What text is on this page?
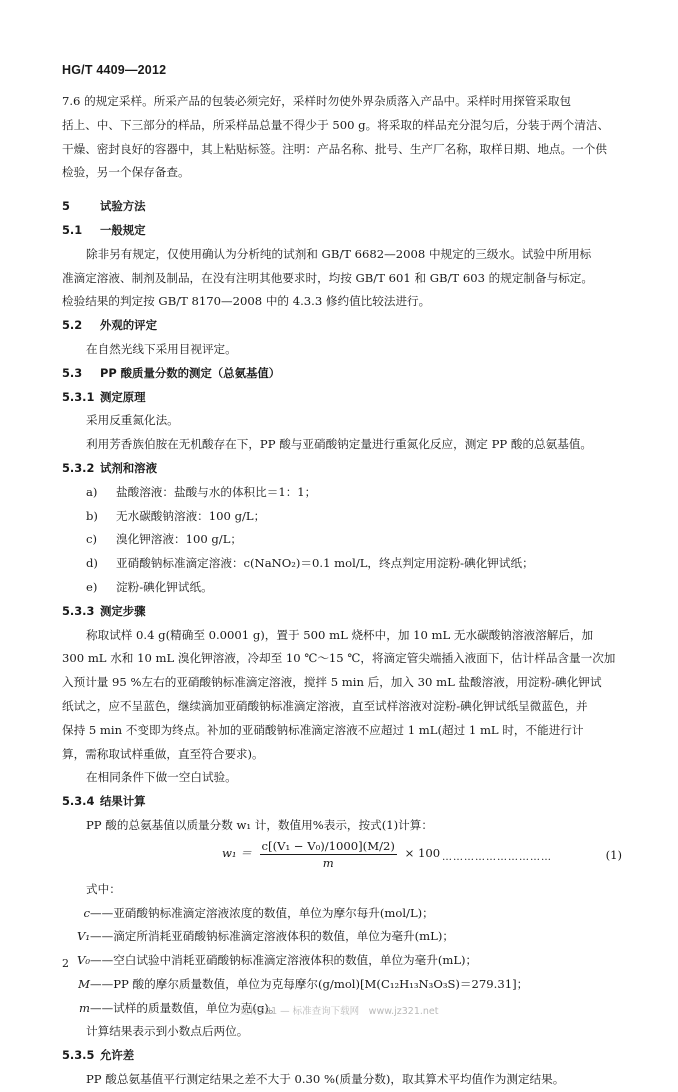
HG/T 4409—2012

7.6 的规定采样。所采产品的包装必须完好，采样时勿使外界杂质落入产品中。采样时用探管采取包

括上、中、下三部分的样品，所采样品总量不得少于 500 g。将采取的样品充分混匀后，分装于两个清洁、

干燥、密封良好的容器中，其上粘贴标签。注明：产品名称、批号、生产厂名称，取样日期、地点。一个供

检验，另一个保存备查。

5	试验方法
5.1 一般规定

除非另有规定，仅使用确认为分析纯的试剂和 GB/T 6682—2008 中规定的三级水。试验中所用标

准滴定溶液、制剂及制品，在没有注明其他要求时，均按 GB/T 601 和 GB/T 603 的规定制备与标定。

检验结果的判定按 GB/T 8170—2008 中的 4.3.3 修约值比较法进行。

5.2 外观的评定

在自然光线下采用目视评定。

5.3 PP 酸质量分数的测定（总氨基值）
5.3.1 测定原理

采用反重氮化法。

利用芳香族伯胺在无机酸存在下，PP 酸与亚硝酸钠定量进行重氮化反应，测定 PP 酸的总氨基值。

5.3.2 试剂和溶液

a) 盐酸溶液：盐酸与水的体积比＝1：1；

b) 无水碳酸钠溶液：100 g/L；

c) 溴化钾溶液：100 g/L；

d) 亚硝酸钠标准滴定溶液：c(NaNO₂)＝0.1 mol/L，终点判定用淀粉-碘化钾试纸；

e) 淀粉-碘化钾试纸。

5.3.3 测定步骤

称取试样 0.4 g(精确至 0.0001 g)，置于 500 mL 烧杯中，加 10 mL 无水碳酸钠溶液溶解后，加

300 mL 水和 10 mL 溴化钾溶液，冷却至 10 ℃～15 ℃，将滴定管尖端插入液面下，估计样品含量一次加

入预计量 95 %左右的亚硝酸钠标准滴定溶液，搅拌 5 min 后，加入 30 mL 盐酸溶液，用淀粉-碘化钾试

纸试之，应不呈蓝色，继续滴加亚硝酸钠标准滴定溶液，直至试样溶液对淀粉-碘化钾试纸呈微蓝色，并

保持 5 min 不变即为终点。补加的亚硝酸钠标准滴定溶液不应超过 1 mL(超过 1 mL 时，不能进行计

算，需称取试样重做，直至符合要求)。

在相同条件下做一空白试验。

5.3.4 结果计算

PP 酸的总氨基值以质量分数 w₁ 计，数值用%表示，按式(1)计算：

$w_1 = \frac{\text{c[(V₁ − V₀)/1000](M/2)}}{m} \times 100$ …………………………	(1)

式中：

c——亚硝酸钠标准滴定溶液浓度的数值，单位为摩尔每升(mol/L)；

V₁——滴定所消耗亚硝酸钠标准滴定溶液体积的数值，单位为毫升(mL)；

V₀——空白试验中消耗亚硝酸钠标准滴定溶液体积的数值，单位为毫升(mL)；

M——PP 酸的摩尔质量数值，单位为克每摩尔(g/mol)[M(C₁₂H₁₃N₃O₃S)＝279.31]；

m——试样的质量数值，单位为克(g)。

计算结果表示到小数点后两位。

5.3.5 允许差

PP 酸总氨基值平行测定结果之差不大于 0.30 %(质量分数)，取其算术平均值作为测定结果。

2
建标321 — 标准查询下载网　www.jz321.net
